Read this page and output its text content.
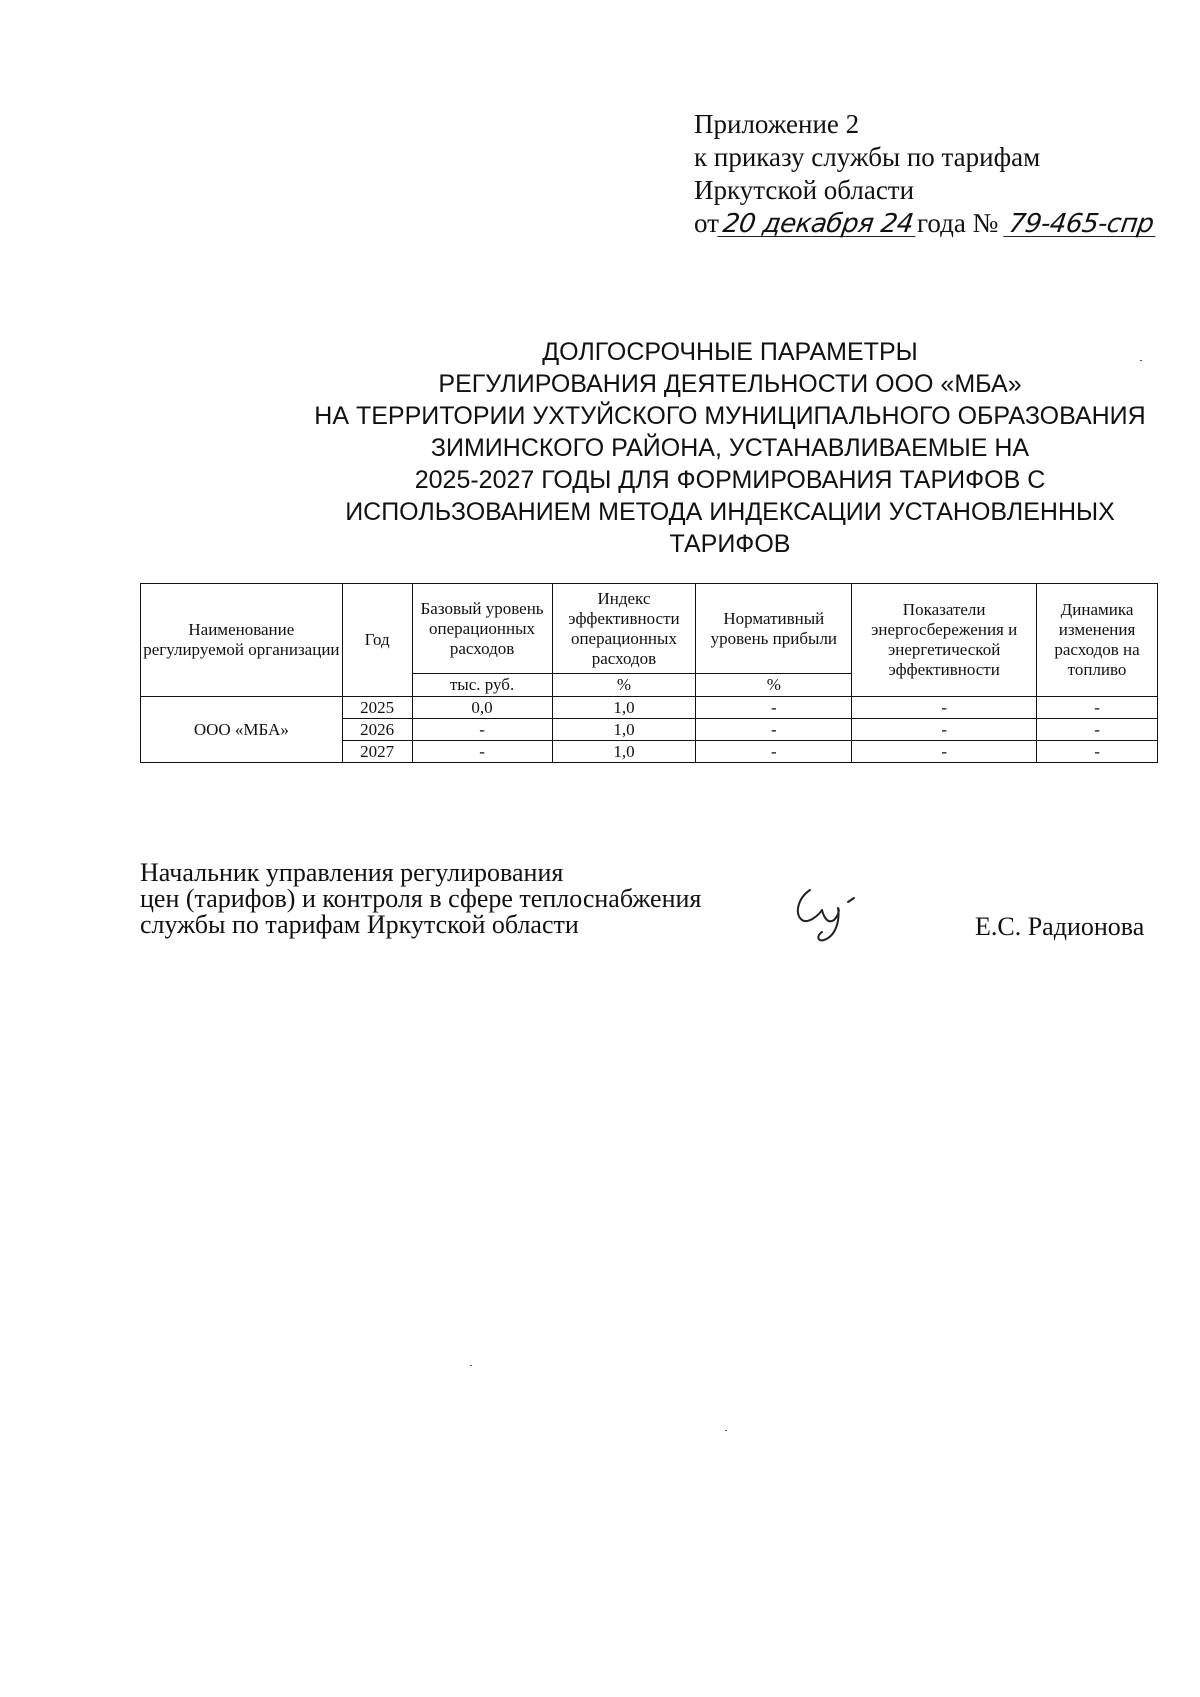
Приложение 2
к приказу службы по тарифам
Иркутской области
от20 декабря 24года № 79-465-спр
ДОЛГОСРОЧНЫЕ ПАРАМЕТРЫ
РЕГУЛИРОВАНИЯ ДЕЯТЕЛЬНОСТИ ООО «МБА»
НА ТЕРРИТОРИИ УХТУЙСКОГО МУНИЦИПАЛЬНОГО ОБРАЗОВАНИЯ
ЗИМИНСКОГО РАЙОНА, УСТАНАВЛИВАЕМЫЕ НА
2025-2027 ГОДЫ ДЛЯ ФОРМИРОВАНИЯ ТАРИФОВ С
ИСПОЛЬЗОВАНИЕМ МЕТОДА ИНДЕКСАЦИИ УСТАНОВЛЕННЫХ
ТАРИФОВ
Наименование регулируемой организации	Год	Базовый уровень операционных расходов	Индекс эффективности операционных расходов	Нормативный уровень прибыли	Показатели энергосбережения и энергетической эффективности	Динамика изменения расходов на топливо
		тыс. руб.	%	%		
ООО «МБА»	2025	0,0	1,0	-	-	-
	2026	-	1,0	-	-	-
	2027	-	1,0	-	-	-
Начальник управления регулирования
цен (тарифов) и контроля в сфере теплоснабжения
службы по тарифам Иркутской области	Е.С. Радионова
